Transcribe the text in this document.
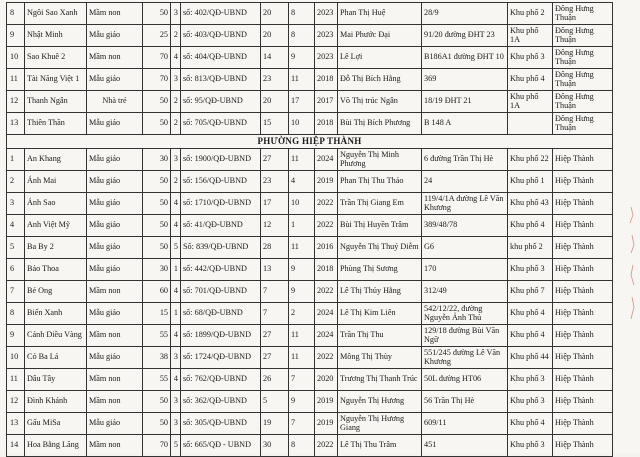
8	Ngôi Sao Xanh	Mầm non	50	3	số: 402/QĐ-UBND	20	8	2023	Phan Thị Huệ	28/9	Khu phố 2	Đông Hưng Thuận
9	Nhật Minh	Mẫu giáo	25	2	số: 403/QĐ-UBND	20	8	2023	Mai Phước Đại	91/20 đường ĐHT 23	Khu phố 1A	Đông Hưng Thuận
10	Sao Khuê 2	Mầm non	70	4	số: 404/QĐ-UBND	14	9	2023	Lê Lợi	B186A1 đường ĐHT 10	Khu phố 3	Đông Hưng Thuận
11	Tài Năng Việt 1	Mẫu giáo	70	3	số: 813/QĐ-UBND	23	11	2018	Đỗ Thị Bích Hằng	369	Khu phố 4	Đông Hưng Thuận
12	Thanh Ngân	Nhà trẻ	50	2	số: 95/QĐ-UBND	20	17	2017	Võ Thị trúc Ngân	18/19 ĐHT 21	Khu phố 1A	Đông Hưng Thuận
13	Thiên Thần	Mẫu giáo	50	2	số: 705/QĐ-UBND	15	10	2018	Bùi Thị Bích Phương	B 148 A		Đông Hưng Thuận
PHƯỜNG HIỆP THÀNH												
1	An Khang	Mẫu giáo	30	3	số: 1900/QĐ-UBND	27	11	2024	Nguyễn Thị Minh Phương	6 đường Trần Thị Hè	Khu phố 22	Hiệp Thành
2	Ánh Mai	Mẫu giáo	50	2	số: 156/QĐ-UBND	23	4	2019	Phan Thị Thu Thảo	24	Khu phố 1	Hiệp Thành
3	Ánh Sao	Mẫu giáo	50	4	số: 1710/QĐ-UBND	17	10	2022	Trần Thị Giang Em	119/4/1A đường Lê Văn Khương	Khu phố 43	Hiệp Thành
4	Anh Việt Mỹ	Mẫu giáo	50	4	số: 41/QĐ-UBND	12	1	2022	Bùi Thị Huyền Trâm	389/48/78	Khu phố 4	Hiệp Thành
5	Ba By 2	Mẫu giáo	50	5	Số: 839/QĐ-UBND	28	11	2016	Nguyễn Thị Thuý Diễm	G6	khu phố 2	Hiệp Thành
6	Bảo Thoa	Mẫu giáo	30	1	số: 442/QĐ-UBND	13	9	2018	Phùng Thị Sương	170	Khu phố 3	Hiệp Thành
7	Bé Ong	Mầm non	60	4	số: 701/QĐ-UBND	7	9	2022	Lê Thị Thủy Hằng	312/49	Khu phố 7	Hiệp Thành
8	Biển Xanh	Mẫu giáo	15	1	số: 68/QĐ-UBND	7	2	2024	Lê Thị Kim Liên	542/12/22, đường Nguyễn Ảnh Thủ	Khu phố 4	Hiệp Thành
9	Cánh Diều Vàng	Mầm non	55	4	số: 1899/QĐ-UBND	27	11	2024	Trần Thị Thu	129/18 đường Bùi Văn Ngữ	Khu phố 4	Hiệp Thành
10	Cỏ Ba Lá	Mẫu giáo	38	3	số: 1724/QĐ-UBND	27	11	2022	Mông Thị Thùy	551/245 đường Lê Văn Khương	Khu phố 44	Hiệp Thành
11	Dâu Tây	Mầm non	55	4	số: 762/QĐ-UBND	26	7	2020	Trương Thị Thanh Trúc	50L đường HT06	Khu phố 3	Hiệp Thành
12	Đình Khánh	Mầm non	50	3	số: 362/QĐ-UBND	5	9	2019	Nguyễn Thị Hương	56 Trần Thị Hè	Khu phố 3	Hiệp Thành
13	Gấu MiSa	Mẫu giáo	50	3	số: 305/QĐ-UBND	19	7	2019	Nguyễn Thị Hương Giang	609/11	Khu phố 4	Hiệp Thành
14	Hoa Bằng Lăng	Mầm non	70	5	số: 665/QĐ - UBND	30	8	2022	Lê Thị Thu Trâm	451	Khu phố 3	Hiệp Thành
